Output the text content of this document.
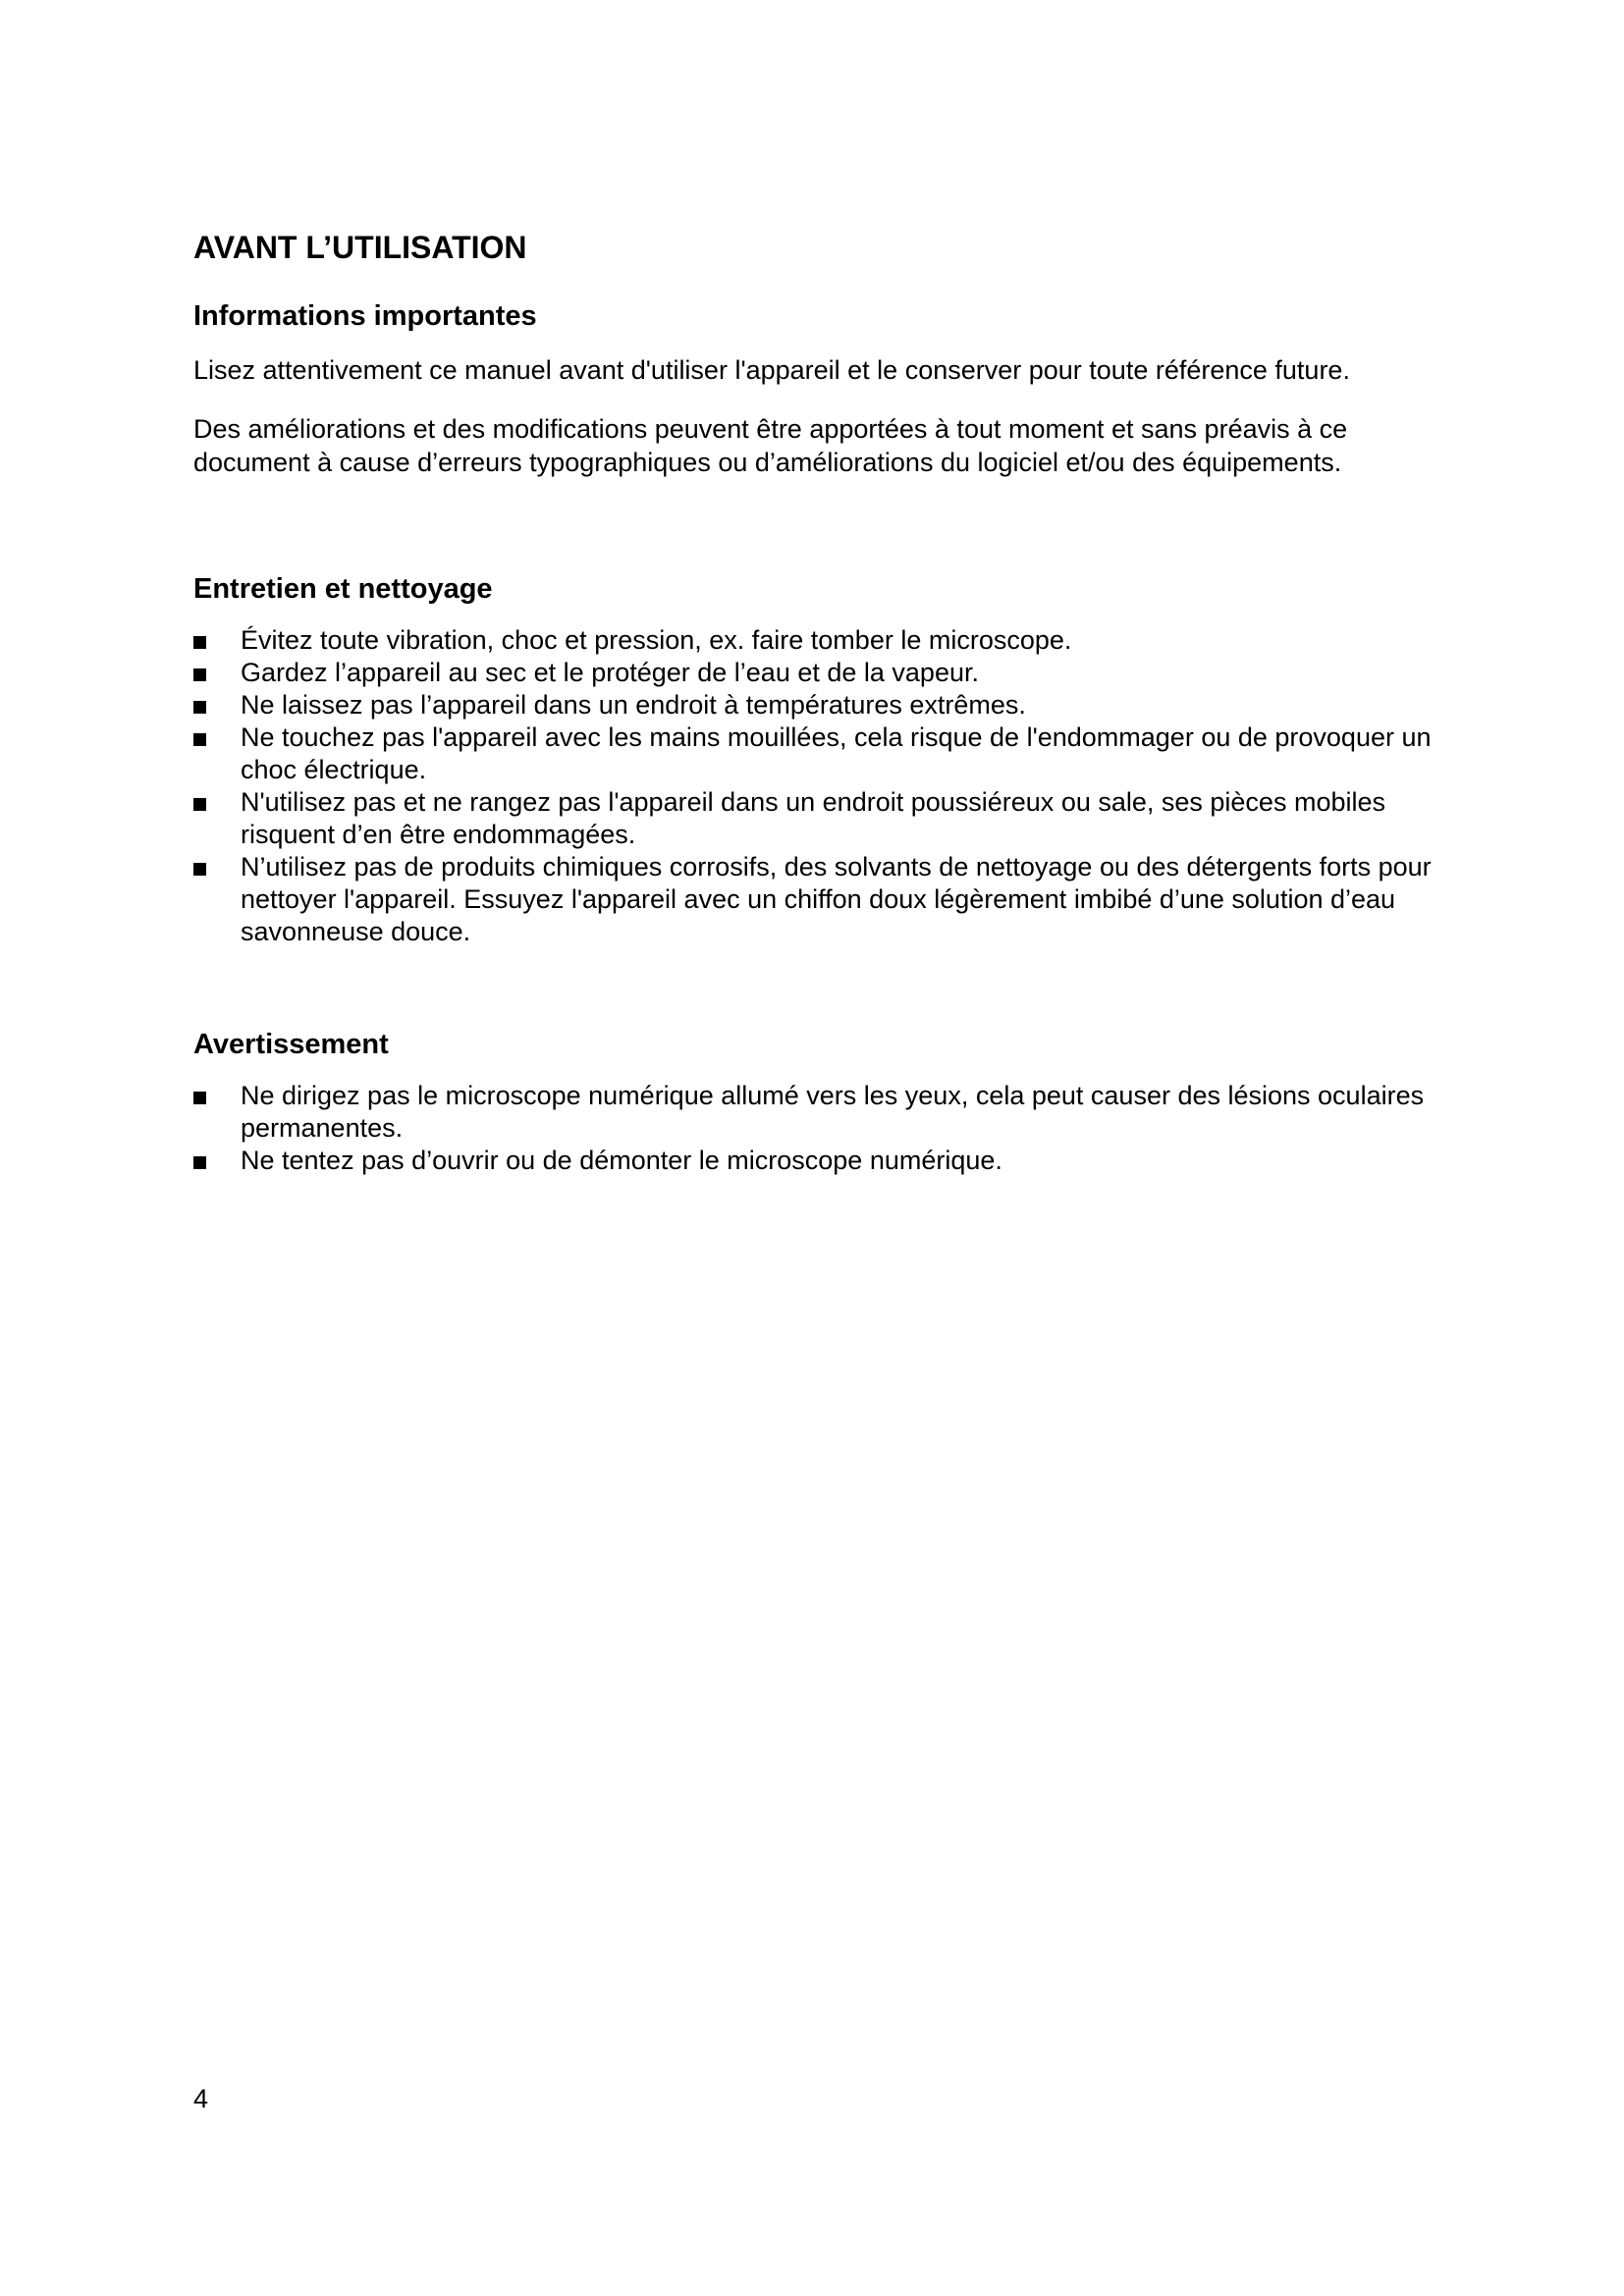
AVANT L’UTILISATION
Informations importantes

Lisez attentivement ce manuel avant d'utiliser l'appareil et le conserver pour toute référence future.

Des améliorations et des modifications peuvent être apportées à tout moment et sans préavis à ce document à cause d’erreurs typographiques ou d’améliorations du logiciel et/ou des équipements.

Entretien et nettoyage
Évitez toute vibration, choc et pression, ex. faire tomber le microscope.
Gardez l’appareil au sec et le protéger de l’eau et de la vapeur.
Ne laissez pas l’appareil dans un endroit à températures extrêmes.
Ne touchez pas l'appareil avec les mains mouillées, cela risque de l'endommager ou de provoquer un choc électrique.
N'utilisez pas et ne rangez pas l'appareil dans un endroit poussiéreux ou sale, ses pièces mobiles risquent d’en être endommagées.
N’utilisez pas de produits chimiques corrosifs, des solvants de nettoyage ou des détergents forts pour nettoyer l'appareil. Essuyez l'appareil avec un chiffon doux légèrement imbibé d’une solution d’eau savonneuse douce.
Avertissement
Ne dirigez pas le microscope numérique allumé vers les yeux, cela peut causer des lésions oculaires permanentes.
Ne tentez pas d’ouvrir ou de démonter le microscope numérique.
4
